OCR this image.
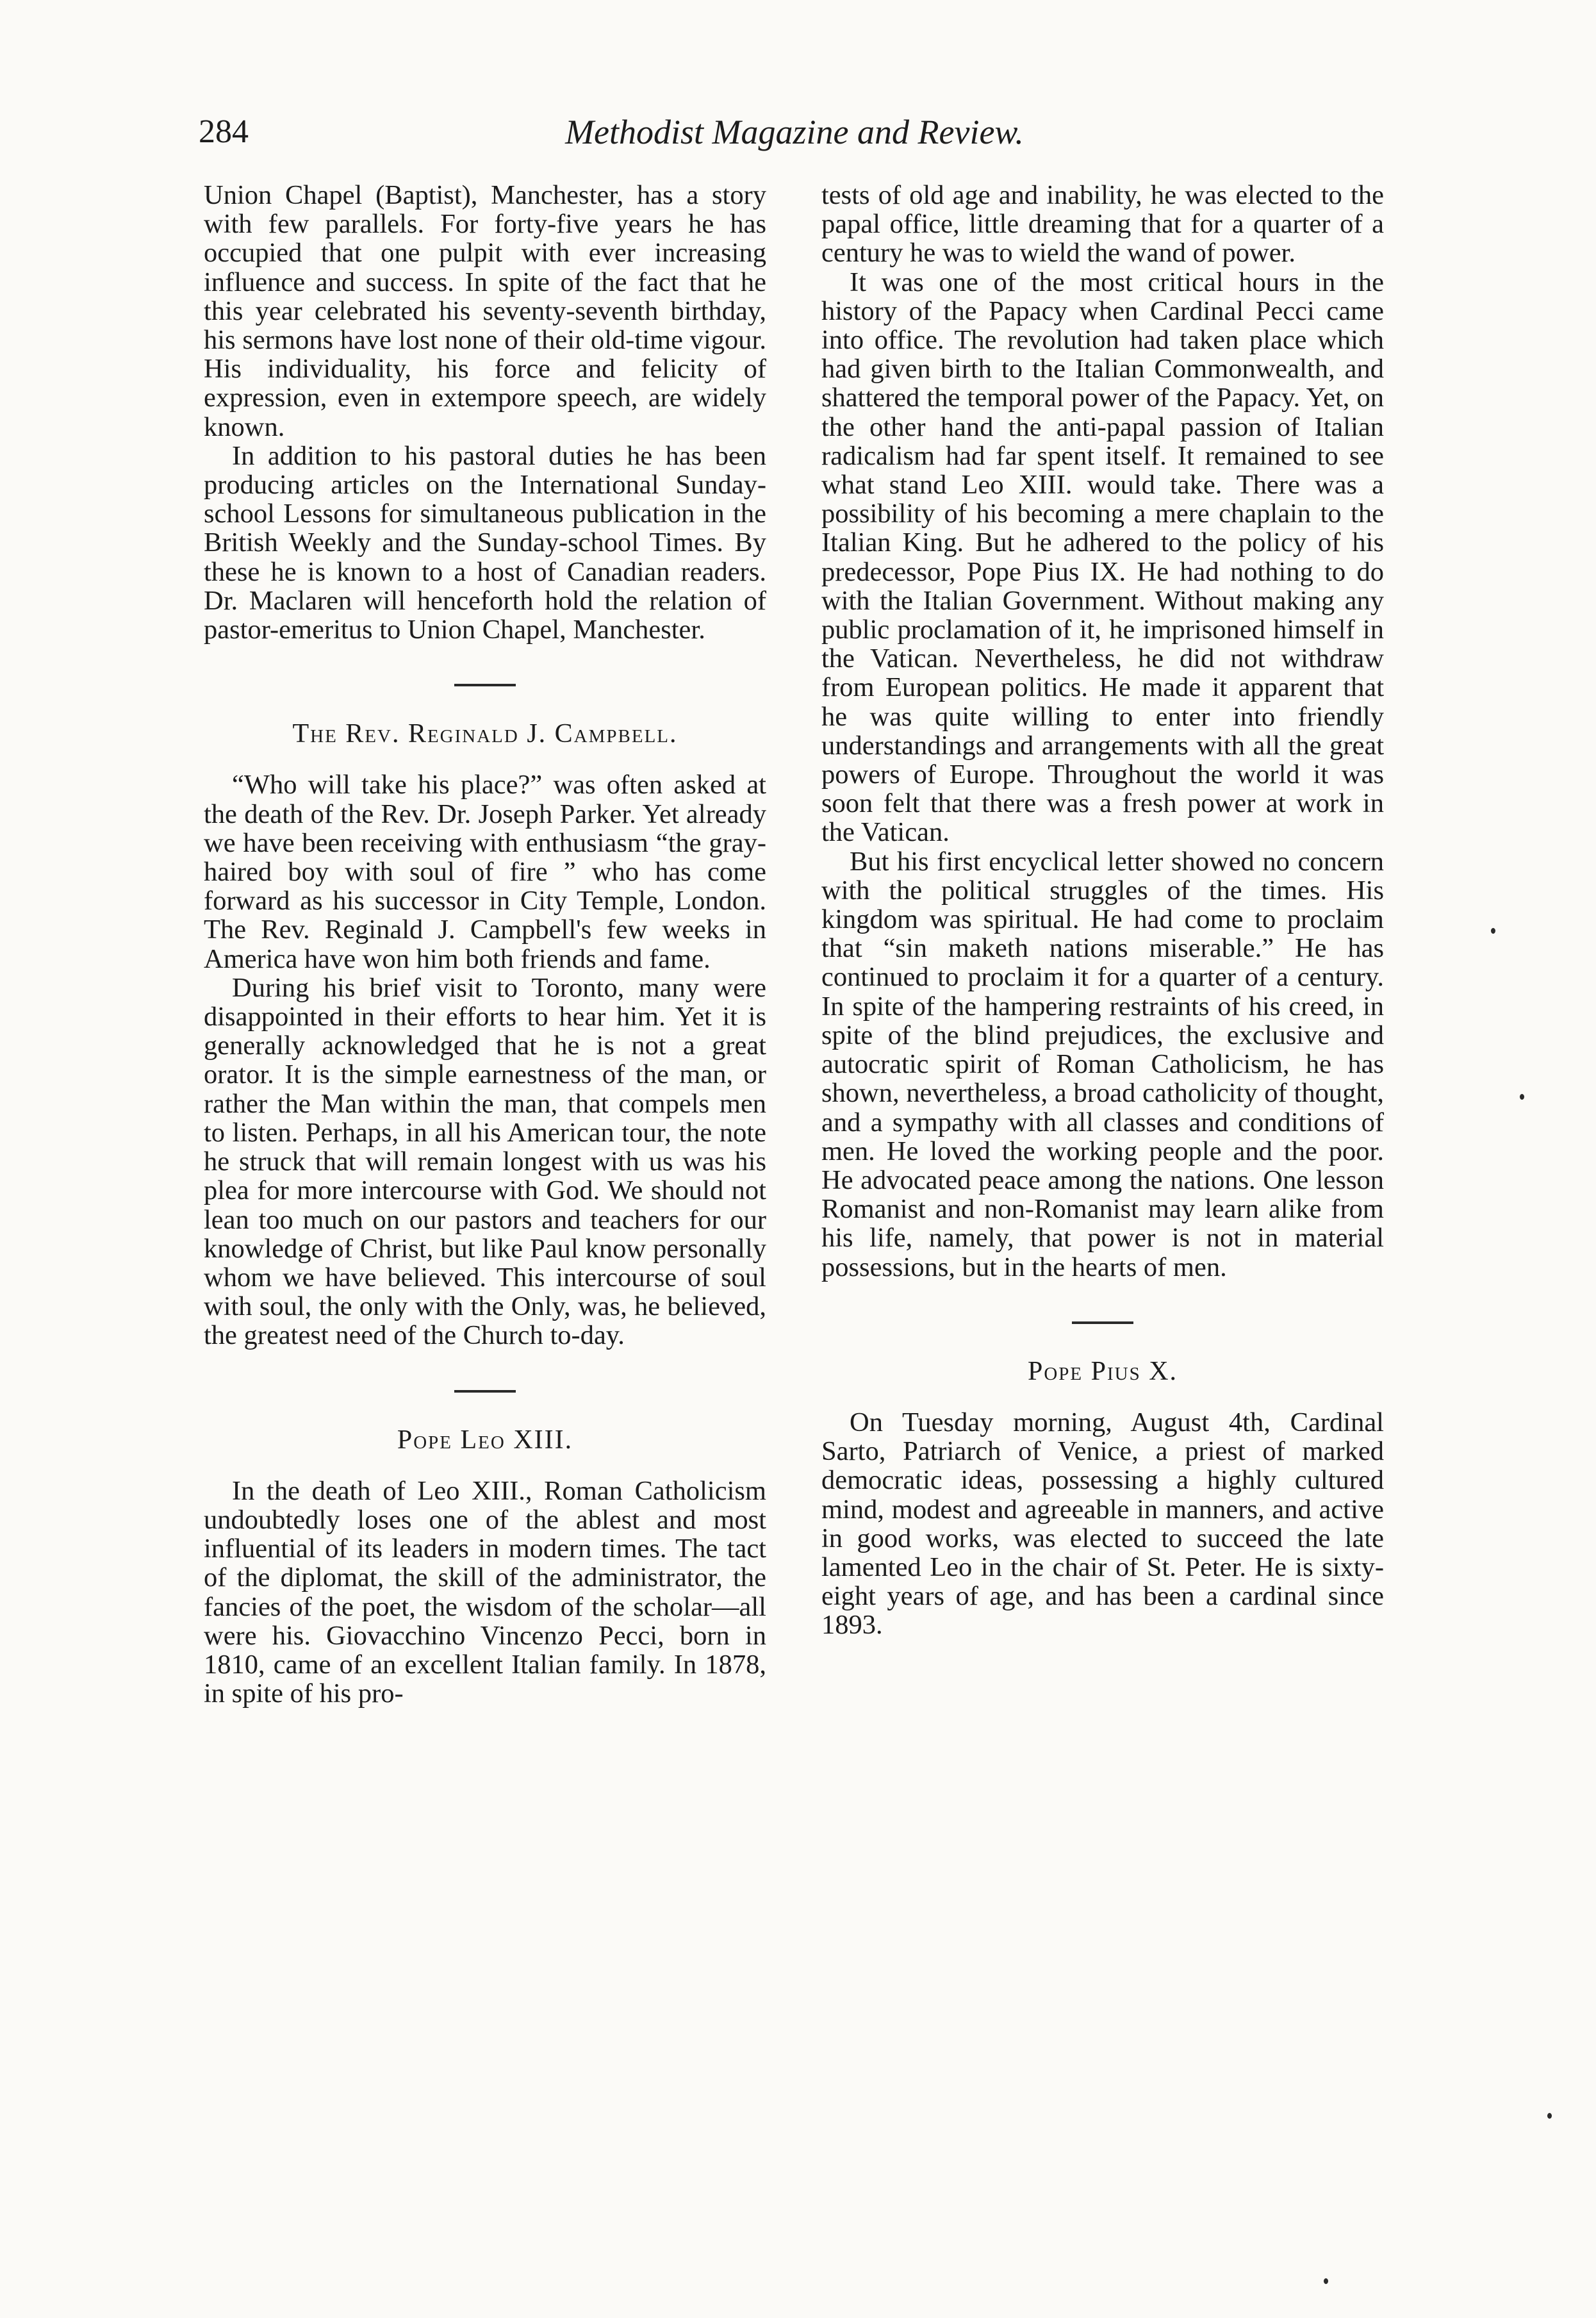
284	Methodist Magazine and Review.

Union Chapel (Baptist), Manchester, has a story with few parallels. For forty-five years he has occupied that one pulpit with ever increasing influence and success. In spite of the fact that he this year celebrated his seventy-seventh birthday, his sermons have lost none of their old-time vigour. His individuality, his force and felicity of expression, even in extempore speech, are widely known.

In addition to his pastoral duties he has been producing articles on the International Sunday-school Lessons for simultaneous publication in the British Weekly and the Sunday-school Times. By these he is known to a host of Canadian readers. Dr. Maclaren will henceforth hold the relation of pastor-emeritus to Union Chapel, Manchester.

The Rev. Reginald J. Campbell.

“Who will take his place?” was often asked at the death of the Rev. Dr. Joseph Parker. Yet already we have been receiving with enthusiasm “the gray-haired boy with soul of fire ” who has come forward as his successor in City Temple, London. The Rev. Reginald J. Campbell's few weeks in America have won him both friends and fame.

During his brief visit to Toronto, many were disappointed in their efforts to hear him. Yet it is generally acknowledged that he is not a great orator. It is the simple earnestness of the man, or rather the Man within the man, that compels men to listen. Perhaps, in all his American tour, the note he struck that will remain longest with us was his plea for more intercourse with God. We should not lean too much on our pastors and teachers for our knowledge of Christ, but like Paul know personally whom we have believed. This intercourse of soul with soul, the only with the Only, was, he believed, the greatest need of the Church to-day.

Pope Leo XIII.

In the death of Leo XIII., Roman Catholicism undoubtedly loses one of the ablest and most influential of its leaders in modern times. The tact of the diplomat, the skill of the administrator, the fancies of the poet, the wisdom of the scholar—all were his. Giovacchino Vincenzo Pecci, born in 1810, came of an excellent Italian family. In 1878, in spite of his pro-

tests of old age and inability, he was elected to the papal office, little dreaming that for a quarter of a century he was to wield the wand of power.

It was one of the most critical hours in the history of the Papacy when Cardinal Pecci came into office. The revolution had taken place which had given birth to the Italian Commonwealth, and shattered the temporal power of the Papacy. Yet, on the other hand the anti-papal passion of Italian radicalism had far spent itself. It remained to see what stand Leo XIII. would take. There was a possibility of his becoming a mere chaplain to the Italian King. But he adhered to the policy of his predecessor, Pope Pius IX. He had nothing to do with the Italian Government. Without making any public proclamation of it, he imprisoned himself in the Vatican. Nevertheless, he did not withdraw from European politics. He made it apparent that he was quite willing to enter into friendly understandings and arrangements with all the great powers of Europe. Throughout the world it was soon felt that there was a fresh power at work in the Vatican.

But his first encyclical letter showed no concern with the political struggles of the times. His kingdom was spiritual. He had come to proclaim that “sin maketh nations miserable.” He has continued to proclaim it for a quarter of a century. In spite of the hampering restraints of his creed, in spite of the blind prejudices, the exclusive and autocratic spirit of Roman Catholicism, he has shown, nevertheless, a broad catholicity of thought, and a sympathy with all classes and conditions of men. He loved the working people and the poor. He advocated peace among the nations. One lesson Romanist and non-Romanist may learn alike from his life, namely, that power is not in material possessions, but in the hearts of men.

Pope Pius X.

On Tuesday morning, August 4th, Cardinal Sarto, Patriarch of Venice, a priest of marked democratic ideas, possessing a highly cultured mind, modest and agreeable in manners, and active in good works, was elected to succeed the late lamented Leo in the chair of St. Peter. He is sixty-eight years of age, and has been a cardinal since 1893.
